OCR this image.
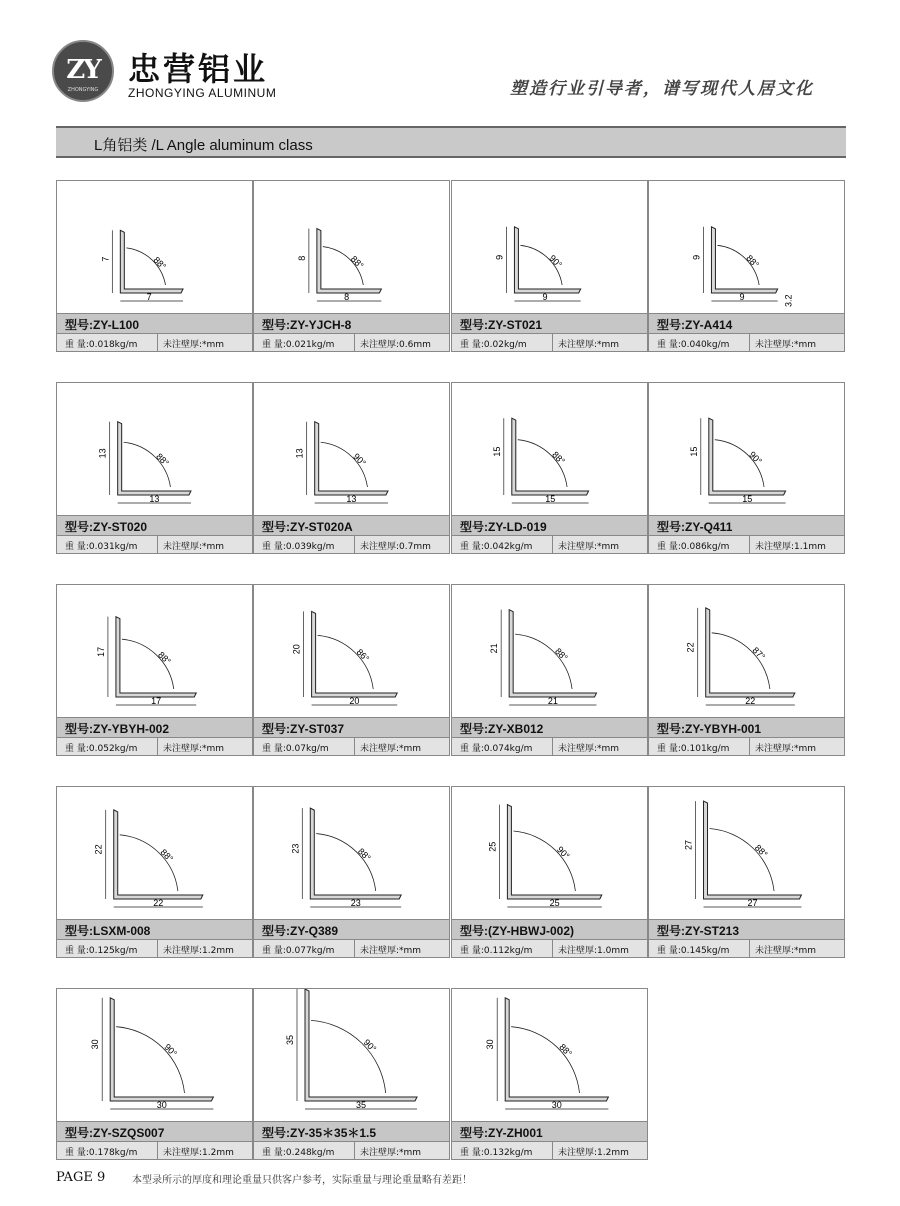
ZY
ZHONGYING
忠营铝业
ZHONGYING ALUMINUM	塑造行业引导者，谱写现代人居文化
L角铝类 /L Angle aluminum class
88°
7
7
型号:ZY-L100
重 量:0.018kg/m	未注壁厚:*mm
88°
8
8
型号:ZY-YJCH-8
重 量:0.021kg/m	未注壁厚:0.6mm
90°
9
9
型号:ZY-ST021
重 量:0.02kg/m	未注壁厚:*mm
88°
9
9	3.2
型号:ZY-A414
重 量:0.040kg/m	未注壁厚:*mm
88°
13
13
型号:ZY-ST020
重 量:0.031kg/m	未注壁厚:*mm
90°
13
13
型号:ZY-ST020A
重 量:0.039kg/m	未注壁厚:0.7mm
88°
15
15
型号:ZY-LD-019
重 量:0.042kg/m	未注壁厚:*mm
90°
15
15
型号:ZY-Q411
重 量:0.086kg/m	未注壁厚:1.1mm
88°
17
17
型号:ZY-YBYH-002
重 量:0.052kg/m	未注壁厚:*mm
86°
20
20
型号:ZY-ST037
重 量:0.07kg/m	未注壁厚:*mm
88°
21
21
型号:ZY-XB012
重 量:0.074kg/m	未注壁厚:*mm
87°
22
22
型号:ZY-YBYH-001
重 量:0.101kg/m	未注壁厚:*mm
88°
22
22
型号:LSXM-008
重 量:0.125kg/m	未注壁厚:1.2mm
88°
23
23
型号:ZY-Q389
重 量:0.077kg/m	未注壁厚:*mm
90°
25
25
型号:(ZY-HBWJ-002)
重 量:0.112kg/m	未注壁厚:1.0mm
88°
27
27
型号:ZY-ST213
重 量:0.145kg/m	未注壁厚:*mm
90°
30
30
型号:ZY-SZQS007
重 量:0.178kg/m	未注壁厚:1.2mm
90°
35
35
型号:ZY-35＊35＊1.5
重 量:0.248kg/m	未注壁厚:*mm
88°
30
30
型号:ZY-ZH001
重 量:0.132kg/m	未注壁厚:1.2mm
PAGE 9	本型录所示的厚度和理论重量只供客户参考，实际重量与理论重量略有差距！
